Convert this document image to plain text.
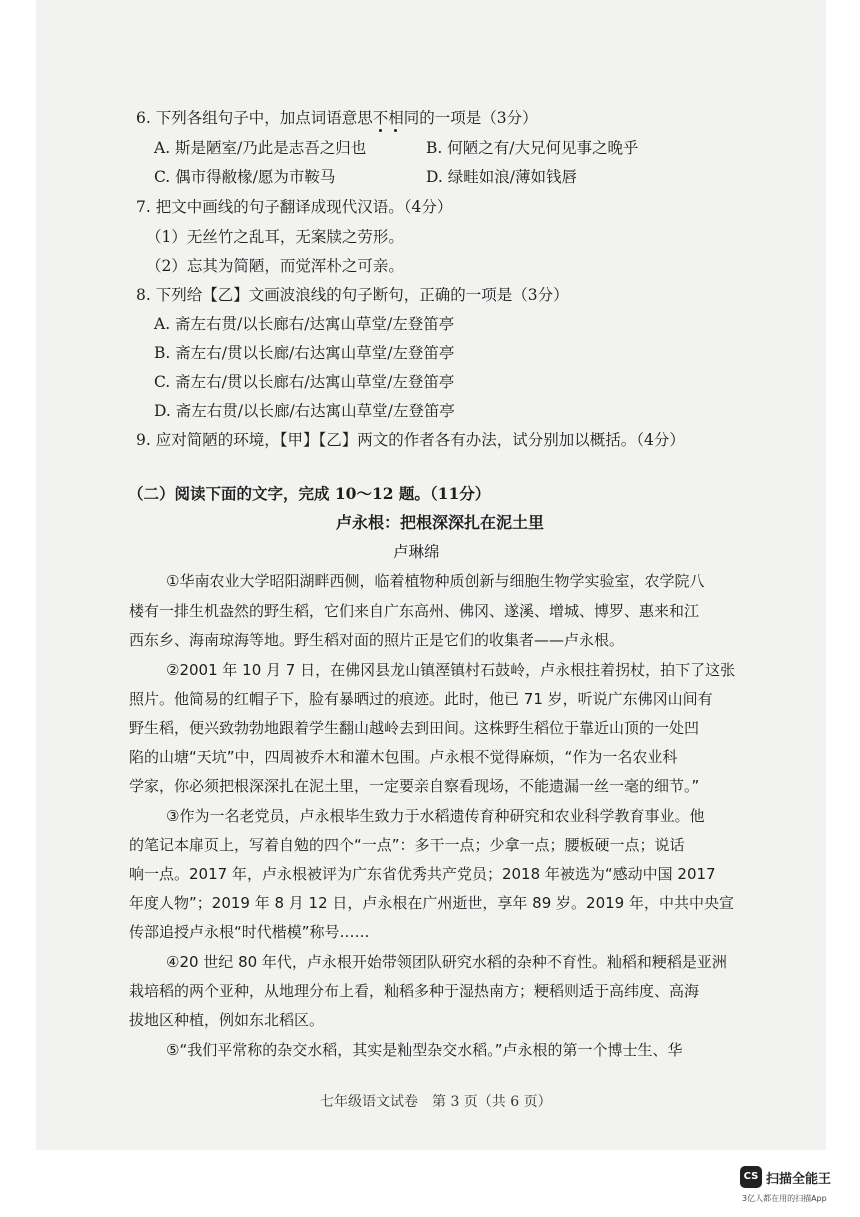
6. 下列各组句子中，加点词语意思不相同的一项是（3分）
A. 斯是陋室/乃此是志吾之归也	B. 何陋之有/大兄何见事之晚乎
C. 偶市得敝椽/愿为市鞍马	D. 绿畦如浪/薄如钱唇
7. 把文中画线的句子翻译成现代汉语。（4分）
（1）无丝竹之乱耳，无案牍之劳形。
（2）忘其为简陋，而觉浑朴之可亲。
8. 下列给【乙】文画波浪线的句子断句，正确的一项是（3分）
A. 斋左右贯/以长廊右/达寓山草堂/左登笛亭
B. 斋左右/贯以长廊/右达寓山草堂/左登笛亭
C. 斋左右/贯以长廊右/达寓山草堂/左登笛亭
D. 斋左右贯/以长廊/右达寓山草堂/左登笛亭
9. 应对简陋的环境，【甲】【乙】两文的作者各有办法，试分别加以概括。（4分）
（二）阅读下面的文字，完成 10～12 题。（11分）
卢永根：把根深深扎在泥土里
卢琳绵
①华南农业大学昭阳湖畔西侧，临着植物种质创新与细胞生物学实验室，农学院八
楼有一排生机盎然的野生稻，它们来自广东高州、佛冈、遂溪、增城、博罗、惠来和江
西东乡、海南琼海等地。野生稻对面的照片正是它们的收集者——卢永根。
②2001 年 10 月 7 日，在佛冈县龙山镇溼镇村石鼓岭，卢永根拄着拐杖，拍下了这张
照片。他简易的红帽子下，脸有暴晒过的痕迹。此时，他已 71 岁，听说广东佛冈山间有
野生稻，便兴致勃勃地跟着学生翻山越岭去到田间。这株野生稻位于靠近山顶的一处凹
陷的山塘“天坑”中，四周被乔木和灌木包围。卢永根不觉得麻烦，“作为一名农业科
学家，你必须把根深深扎在泥土里，一定要亲自察看现场，不能遗漏一丝一毫的细节。”
③作为一名老党员，卢永根毕生致力于水稻遗传育种研究和农业科学教育事业。他
的笔记本扉页上，写着自勉的四个“一点”：多干一点；少拿一点；腰板硬一点；说话
响一点。2017 年，卢永根被评为广东省优秀共产党员；2018 年被选为“感动中国 2017
年度人物”；2019 年 8 月 12 日，卢永根在广州逝世，享年 89 岁。2019 年，中共中央宣
传部追授卢永根“时代楷模”称号……
④20 世纪 80 年代，卢永根开始带领团队研究水稻的杂种不育性。籼稻和粳稻是亚洲
栽培稻的两个亚种，从地理分布上看，籼稻多种于湿热南方；粳稻则适于高纬度、高海
拔地区种植，例如东北稻区。
⑤“我们平常称的杂交水稻，其实是籼型杂交水稻。”卢永根的第一个博士生、华
七年级语文试卷　第 3 页（共 6 页）
CS 扫描全能王
3亿人都在用的扫描App
